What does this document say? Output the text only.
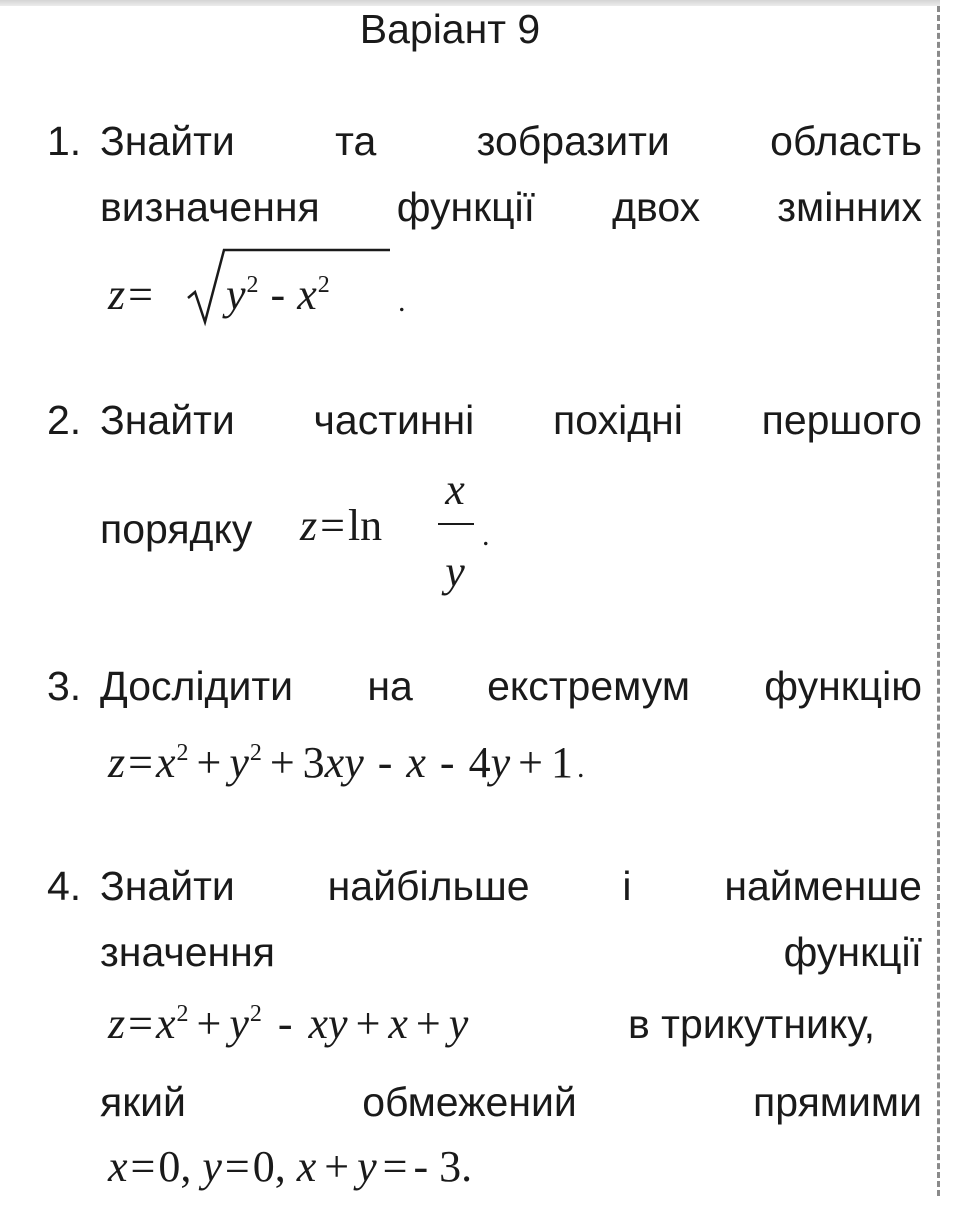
Варіант 9
1. Знайти та зобразити область
визначення функції двох змінних
$z= y^2 - x^2$ .
2. Знайти частинні похідні першого
порядку z=ln
x
y
.
3. Дослідити на екстремум функцію
$z=x^2 + y^2 + 3xy - x - 4y + 1$ .
4. Знайти найбільше і найменше
значення	функції
$z=x^2 + y^2$ - xy + x + y	в трикутнику,
який	обмежений	прямими
x=0, y=0, x + y = - 3.
